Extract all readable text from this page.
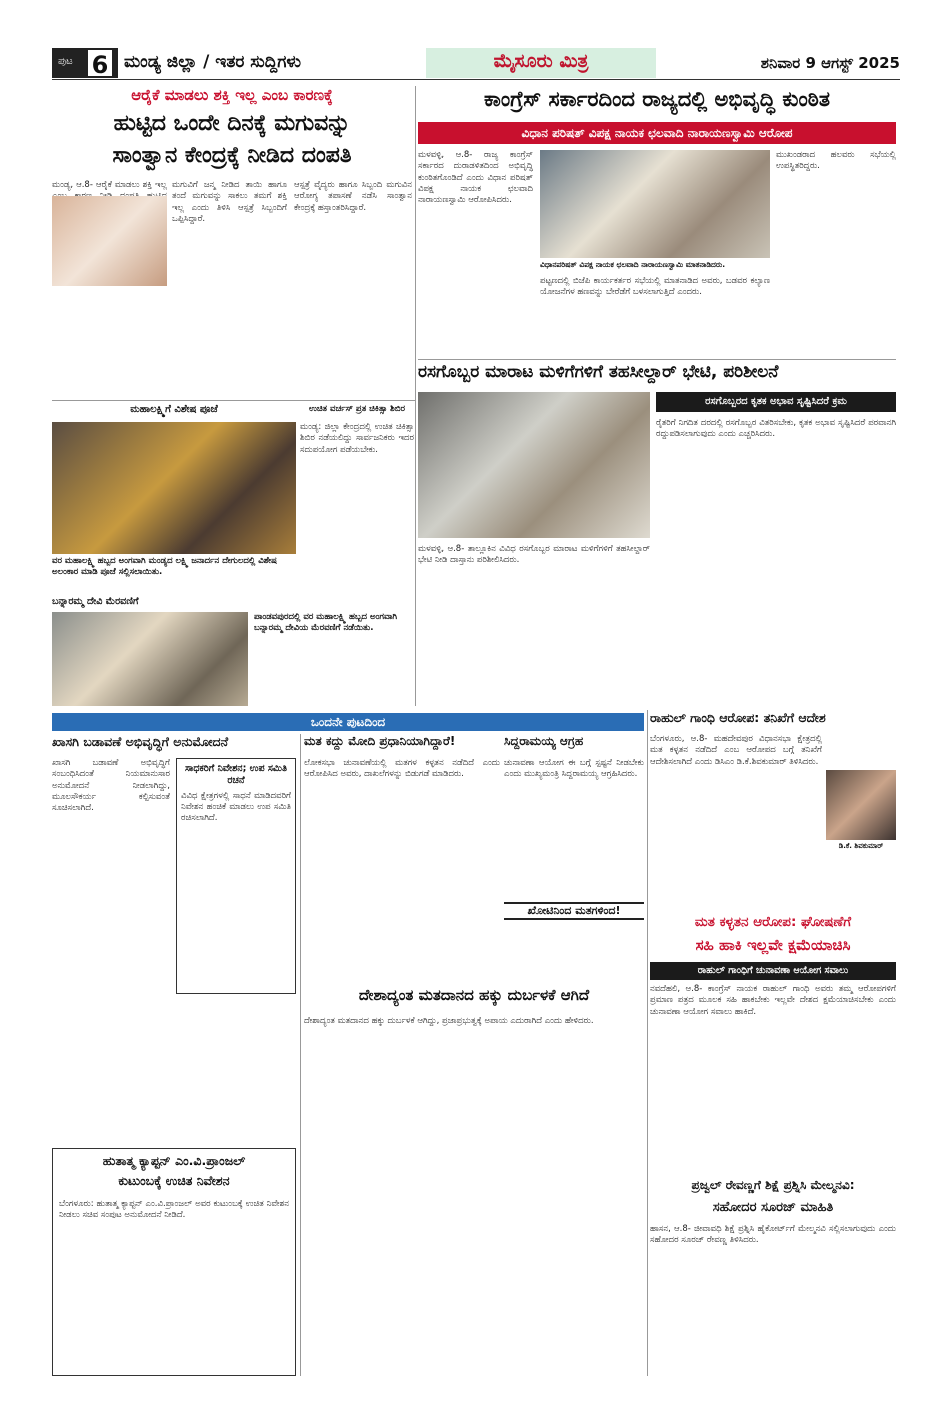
ಪುಟ 6 ಮಂಡ್ಯ ಜಿಲ್ಲಾ / ಇತರ ಸುದ್ದಿಗಳು	ಮೈಸೂರು ಮಿತ್ರ	ಶನಿವಾರ 9 ಆಗಸ್ಟ್ 2025
ಆರೈಕೆ ಮಾಡಲು ಶಕ್ತಿ ಇಲ್ಲ ಎಂಬ ಕಾರಣಕ್ಕೆ
ಹುಟ್ಟಿದ ಒಂದೇ ದಿನಕ್ಕೆ ಮಗುವನ್ನು
ಸಾಂತ್ವಾನ ಕೇಂದ್ರಕ್ಕೆ ನೀಡಿದ ದಂಪತಿ
ಮಂಡ್ಯ, ಆ.8- ಆರೈಕೆ ಮಾಡಲು ಶಕ್ತಿ ಇಲ್ಲ ಮಗುವಿಗೆ ಜನ್ಮ ನೀಡಿದ ತಾಯಿ ಹಾಗೂ ತಂದೆ ಮಗುವನ್ನು ಸಾಕಲು ತಮಗೆ ಶಕ್ತಿ ಇಲ್ಲ ಎಂದು ತಿಳಿಸಿ ಆಸ್ಪತ್ರೆ ಸಿಬ್ಬಂದಿಗೆ ಒಪ್ಪಿಸಿದ್ದಾರೆ.
ಆಸ್ಪತ್ರೆ ವೈದ್ಯರು ಹಾಗೂ ಸಿಬ್ಬಂದಿ ಮಗುವಿನ ಆರೋಗ್ಯ ತಪಾಸಣೆ ನಡೆಸಿ ಸಾಂತ್ವಾನ ಕೇಂದ್ರಕ್ಕೆ ಹಸ್ತಾಂತರಿಸಿದ್ದಾರೆ.
ಕಾಂಗ್ರೆಸ್ ಸರ್ಕಾರದಿಂದ ರಾಜ್ಯದಲ್ಲಿ ಅಭಿವೃದ್ಧಿ ಕುಂಠಿತ
ವಿಧಾನ ಪರಿಷತ್ ವಿಪಕ್ಷ ನಾಯಕ ಛಲವಾದಿ ನಾರಾಯಣಸ್ವಾಮಿ ಆರೋಪ
ಮಳವಳ್ಳಿ, ಆ.8- ರಾಜ್ಯ ಕಾಂಗ್ರೆಸ್ ಸರ್ಕಾರದ ದುರಾಡಳಿತದಿಂದ ಅಭಿವೃದ್ಧಿ ಕುಂಠಿತಗೊಂಡಿದೆ ಎಂದು ವಿಧಾನ ಪರಿಷತ್ ವಿಪಕ್ಷ ನಾಯಕ ಛಲವಾದಿ ನಾರಾಯಣಸ್ವಾಮಿ ಆರೋಪಿಸಿದರು.
ವಿಧಾನಪರಿಷತ್ ವಿಪಕ್ಷ ನಾಯಕ ಛಲವಾದಿ ನಾರಾಯಣಸ್ವಾಮಿ ಮಾತನಾಡಿದರು.
ಪಟ್ಟಣದಲ್ಲಿ ಬಿಜೆಪಿ ಕಾರ್ಯಕರ್ತರ ಸಭೆಯಲ್ಲಿ ಮಾತನಾಡಿದ ಅವರು, ಬಡವರ ಕಲ್ಯಾಣ ಯೋಜನೆಗಳ ಹಣವನ್ನು ಬೇರೆಡೆಗೆ ಬಳಸಲಾಗುತ್ತಿದೆ ಎಂದರು.
ಮುಖಂಡರಾದ ಹಲವರು ಸಭೆಯಲ್ಲಿ ಉಪಸ್ಥಿತರಿದ್ದರು.
ಮಹಾಲಕ್ಷ್ಮಿಗೆ ವಿಶೇಷ ಪೂಜೆ
ವರ ಮಹಾಲಕ್ಷ್ಮಿ ಹಬ್ಬದ ಅಂಗವಾಗಿ ಮಂಡ್ಯದ ಲಕ್ಷ್ಮಿ ಜನಾರ್ದನ ದೇಗುಲದಲ್ಲಿ ವಿಶೇಷ ಅಲಂಕಾರ ಮಾಡಿ ಪೂಜೆ ಸಲ್ಲಿಸಲಾಯಿತು.
ಉಚಿತ ವರ್ಚಸ್ ಪ್ರತ ಚಿಕಿತ್ಸಾ ಶಿಬಿರ
ಮಂಡ್ಯ: ಜಿಲ್ಲಾ ಕೇಂದ್ರದಲ್ಲಿ ಉಚಿತ ಚಿಕಿತ್ಸಾ ಶಿಬಿರ ನಡೆಯಲಿದ್ದು ಸಾರ್ವಜನಿಕರು ಇದರ ಸದುಪಯೋಗ ಪಡೆಯಬೇಕು.
ಬನ್ನಾರಮ್ಮ ದೇವಿ ಮೆರವಣಿಗೆ
ಪಾಂಡವಪುರದಲ್ಲಿ ವರ ಮಹಾಲಕ್ಷ್ಮಿ ಹಬ್ಬದ ಅಂಗವಾಗಿ ಬನ್ನಾರಮ್ಮ ದೇವಿಯ ಮೆರವಣಿಗೆ ನಡೆಯಿತು.
ರಸಗೊಬ್ಬರ ಮಾರಾಟ ಮಳಿಗೆಗಳಿಗೆ ತಹಸೀಲ್ದಾರ್ ಭೇಟಿ, ಪರಿಶೀಲನೆ
ರಸಗೊಬ್ಬರದ ಕೃತಕ ಅಭಾವ ಸೃಷ್ಟಿಸಿದರೆ ಕ್ರಮ
ಮಳವಳ್ಳಿ, ಆ.8- ತಾಲ್ಲೂಕಿನ ವಿವಿಧ ರಸಗೊಬ್ಬರ ಮಾರಾಟ ಮಳಿಗೆಗಳಿಗೆ ತಹಸೀಲ್ದಾರ್ ಭೇಟಿ ನೀಡಿ ದಾಸ್ತಾನು ಪರಿಶೀಲಿಸಿದರು.
ರೈತರಿಗೆ ನಿಗದಿತ ದರದಲ್ಲಿ ರಸಗೊಬ್ಬರ ವಿತರಿಸಬೇಕು, ಕೃತಕ ಅಭಾವ ಸೃಷ್ಟಿಸಿದರೆ ಪರವಾನಗಿ ರದ್ದುಪಡಿಸಲಾಗುವುದು ಎಂದು ಎಚ್ಚರಿಸಿದರು.
ಒಂದನೇ ಪುಟದಿಂದ
ಖಾಸಗಿ ಬಡಾವಣೆ ಅಭಿವೃದ್ಧಿಗೆ ಅನುಮೋದನೆ
ಖಾಸಗಿ ಬಡಾವಣೆ ಅಭಿವೃದ್ಧಿಗೆ ಸಂಬಂಧಿಸಿದಂತೆ ನಿಯಮಾನುಸಾರ ಅನುಮೋದನೆ ನೀಡಲಾಗಿದ್ದು, ಮೂಲಸೌಕರ್ಯ ಕಲ್ಪಿಸುವಂತೆ ಸೂಚಿಸಲಾಗಿದೆ.
ಸಾಧಕರಿಗೆ ನಿವೇಶನ; ಉಪ ಸಮಿತಿ ರಚನೆ
ವಿವಿಧ ಕ್ಷೇತ್ರಗಳಲ್ಲಿ ಸಾಧನೆ ಮಾಡಿದವರಿಗೆ ನಿವೇಶನ ಹಂಚಿಕೆ ಮಾಡಲು ಉಪ ಸಮಿತಿ ರಚಿಸಲಾಗಿದೆ.
ಮತ ಕದ್ದು ಮೋದಿ ಪ್ರಧಾನಿಯಾಗಿದ್ದಾರೆ!
ಲೋಕಸಭಾ ಚುನಾವಣೆಯಲ್ಲಿ ಮತಗಳ ಕಳ್ಳತನ ನಡೆದಿದೆ ಎಂದು ಆರೋಪಿಸಿದ ಅವರು, ದಾಖಲೆಗಳನ್ನು ಬಿಡುಗಡೆ ಮಾಡಿದರು.
ಸಿದ್ದರಾಮಯ್ಯ ಆಗ್ರಹ
ಚುನಾವಣಾ ಆಯೋಗ ಈ ಬಗ್ಗೆ ಸ್ಪಷ್ಟನೆ ನೀಡಬೇಕು ಎಂದು ಮುಖ್ಯಮಂತ್ರಿ ಸಿದ್ದರಾಮಯ್ಯ ಆಗ್ರಹಿಸಿದರು.
ಖೋಟಿನಿಂದ ಮತಗಳಿಂದ!
ದೇಶಾದ್ಯಂತ ಮತದಾನದ ಹಕ್ಕು ದುರ್ಬಳಕೆ ಆಗಿದೆ
ದೇಶಾದ್ಯಂತ ಮತದಾನದ ಹಕ್ಕು ದುರ್ಬಳಕೆ ಆಗಿದ್ದು, ಪ್ರಜಾಪ್ರಭುತ್ವಕ್ಕೆ ಅಪಾಯ ಎದುರಾಗಿದೆ ಎಂದು ಹೇಳಿದರು.
ಹುತಾತ್ಮ ಕ್ಯಾಪ್ಟನ್ ಎಂ.ವಿ.ಪ್ರಾಂಜಲ್
ಕುಟುಂಬಕ್ಕೆ ಉಚಿತ ನಿವೇಶನ
ಬೆಂಗಳೂರು: ಹುತಾತ್ಮ ಕ್ಯಾಪ್ಟನ್ ಎಂ.ವಿ.ಪ್ರಾಂಜಲ್ ಅವರ ಕುಟುಂಬಕ್ಕೆ ಉಚಿತ ನಿವೇಶನ ನೀಡಲು ಸಚಿವ ಸಂಪುಟ ಅನುಮೋದನೆ ನೀಡಿದೆ.
ರಾಹುಲ್ ಗಾಂಧಿ ಆರೋಪ: ತನಿಖೆಗೆ ಆದೇಶ
ಬೆಂಗಳೂರು, ಆ.8- ಮಹದೇವಪುರ ವಿಧಾನಸಭಾ ಕ್ಷೇತ್ರದಲ್ಲಿ ಮತ ಕಳ್ಳತನ ನಡೆದಿದೆ ಎಂಬ ಆರೋಪದ ಬಗ್ಗೆ ತನಿಖೆಗೆ ಆದೇಶಿಸಲಾಗಿದೆ ಎಂದು ಡಿಸಿಎಂ ಡಿ.ಕೆ.ಶಿವಕುಮಾರ್ ತಿಳಿಸಿದರು.
ಡಿ.ಕೆ. ಶಿವಕುಮಾರ್
ಮತ ಕಳ್ಳತನ ಆರೋಪ: ಘೋಷಣೆಗೆ
ಸಹಿ ಹಾಕಿ ಇಲ್ಲವೇ ಕ್ಷಮೆಯಾಚಿಸಿ
ರಾಹುಲ್ ಗಾಂಧಿಗೆ ಚುನಾವಣಾ ಆಯೋಗ ಸವಾಲು
ನವದೆಹಲಿ, ಆ.8- ಕಾಂಗ್ರೆಸ್ ನಾಯಕ ರಾಹುಲ್ ಗಾಂಧಿ ಅವರು ತಮ್ಮ ಆರೋಪಗಳಿಗೆ ಪ್ರಮಾಣ ಪತ್ರದ ಮೂಲಕ ಸಹಿ ಹಾಕಬೇಕು ಇಲ್ಲವೇ ದೇಶದ ಕ್ಷಮೆಯಾಚಿಸಬೇಕು ಎಂದು ಚುನಾವಣಾ ಆಯೋಗ ಸವಾಲು ಹಾಕಿದೆ.
ಪ್ರಜ್ವಲ್ ರೇವಣ್ಣಗೆ ಶಿಕ್ಷೆ ಪ್ರಶ್ನಿಸಿ ಮೇಲ್ಮನವಿ:
ಸಹೋದರ ಸೂರಜ್ ಮಾಹಿತಿ
ಹಾಸನ, ಆ.8- ಜೀವಾವಧಿ ಶಿಕ್ಷೆ ಪ್ರಶ್ನಿಸಿ ಹೈಕೋರ್ಟ್‌ಗೆ ಮೇಲ್ಮನವಿ ಸಲ್ಲಿಸಲಾಗುವುದು ಎಂದು ಸಹೋದರ ಸೂರಜ್ ರೇವಣ್ಣ ತಿಳಿಸಿದರು.
